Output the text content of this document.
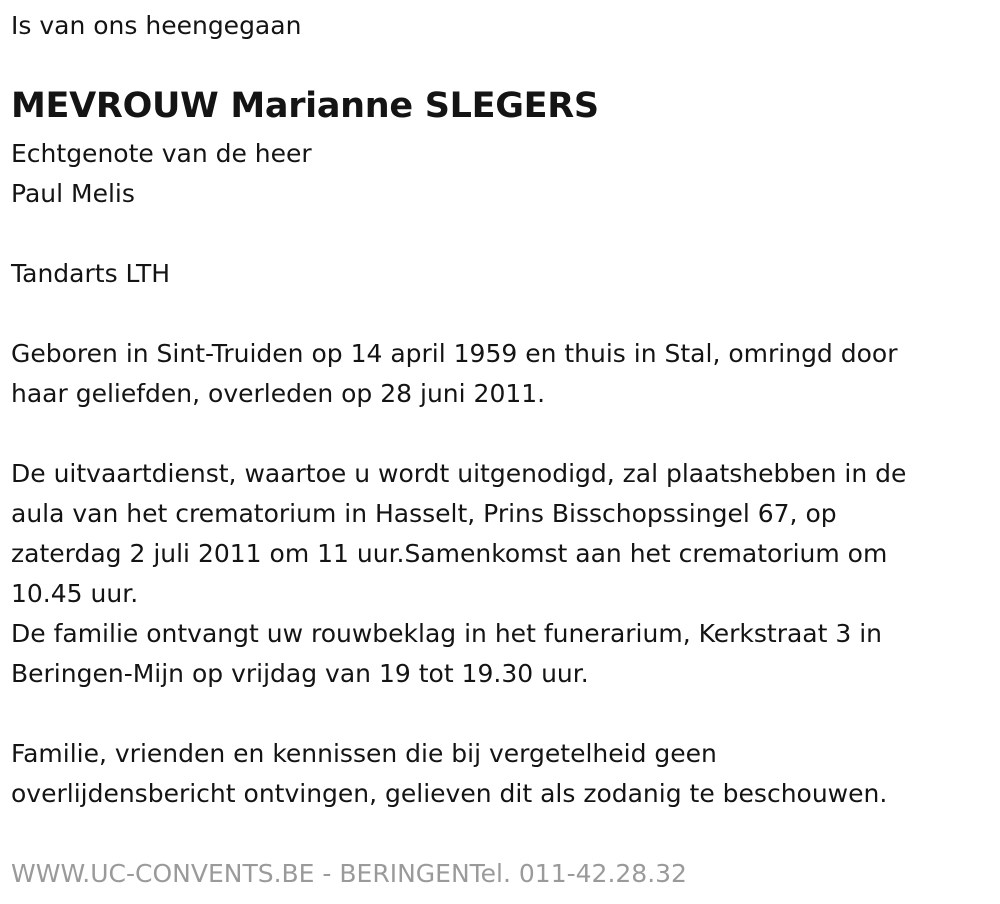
Is van ons heengegaan
MEVROUW Marianne SLEGERS
Echtgenote van de heer
Paul Melis
Tandarts LTH
Geboren in Sint-Truiden op 14 april 1959 en thuis in Stal, omringd door
haar geliefden, overleden op 28 juni 2011.
De uitvaartdienst, waartoe u wordt uitgenodigd, zal plaatshebben in de
aula van het crematorium in Hasselt, Prins Bisschopssingel 67, op
zaterdag 2 juli 2011 om 11 uur.Samenkomst aan het crematorium om
10.45 uur.
De familie ontvangt uw rouwbeklag in het funerarium, Kerkstraat 3 in
Beringen-Mijn op vrijdag van 19 tot 19.30 uur.
Familie, vrienden en kennissen die bij vergetelheid geen
overlijdensbericht ontvingen, gelieven dit als zodanig te beschouwen.
WWW.UC-CONVENTS.BE - BERINGENTel. 011-42.28.32
